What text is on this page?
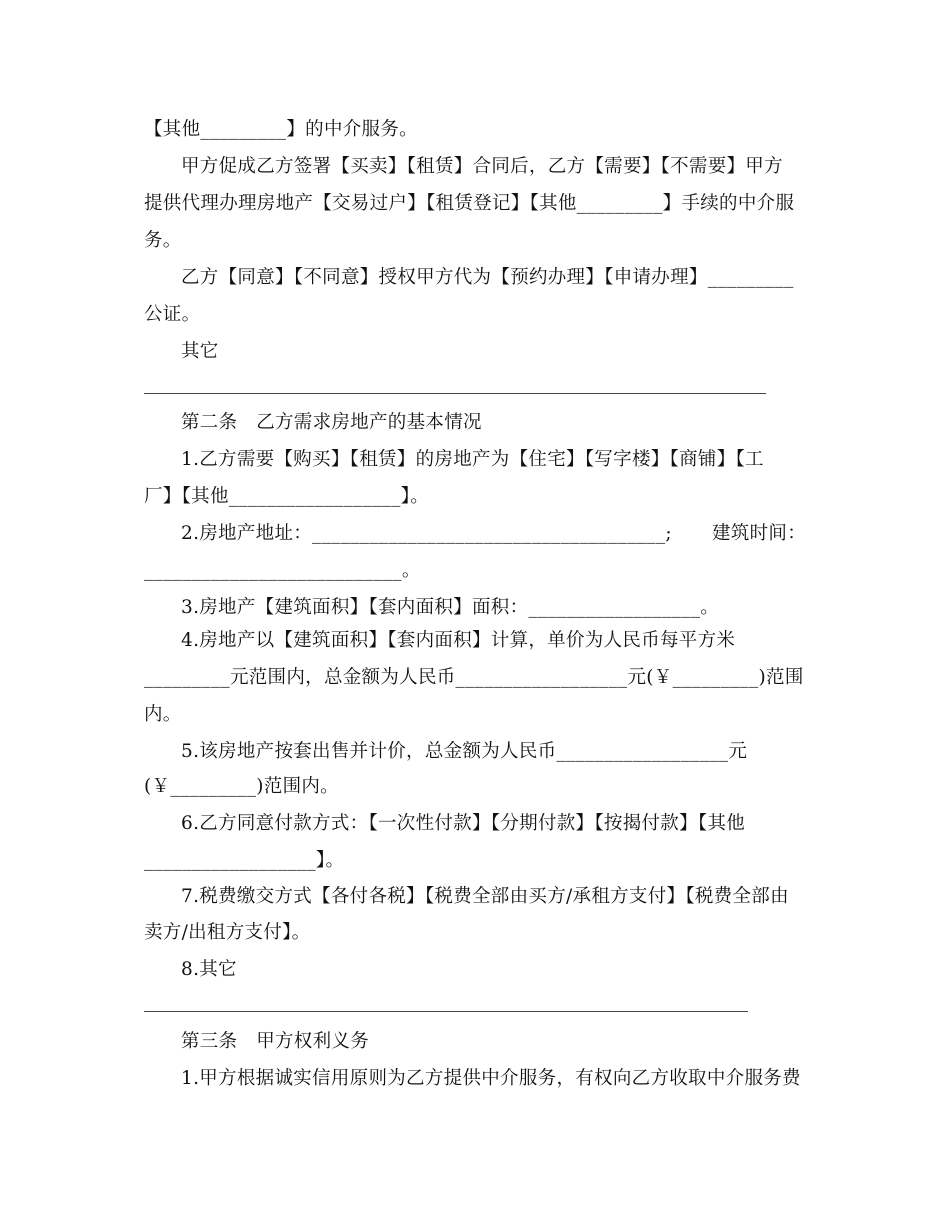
【其他_________】的中介服务。
甲方促成乙方签署【买卖】【租赁】合同后，乙方【需要】【不需要】甲方
提供代理办理房地产【交易过户】【租赁登记】【其他_________】手续的中介服
务。
乙方【同意】【不同意】授权甲方代为【预约办理】【申请办理】_________
公证。
其它
第二条　乙方需求房地产的基本情况
1.乙方需要【购买】【租赁】的房地产为【住宅】【写字楼】【商铺】【工
厂】【其他__________________】。
2.房地产地址：_____________________________________; 建筑时间：
___________________________。
3.房地产【建筑面积】【套内面积】面积：__________________。
4.房地产以【建筑面积】【套内面积】计算，单价为人民币每平方米
_________元范围内，总金额为人民币__________________元(￥_________)范围
内。
5.该房地产按套出售并计价，总金额为人民币__________________元
(￥_________)范围内。
6.乙方同意付款方式：【一次性付款】【分期付款】【按揭付款】【其他
__________________】。
7.税费缴交方式【各付各税】【税费全部由买方/承租方支付】【税费全部由
卖方/出租方支付】。
8.其它
第三条　甲方权利义务
1.甲方根据诚实信用原则为乙方提供中介服务，有权向乙方收取中介服务费
